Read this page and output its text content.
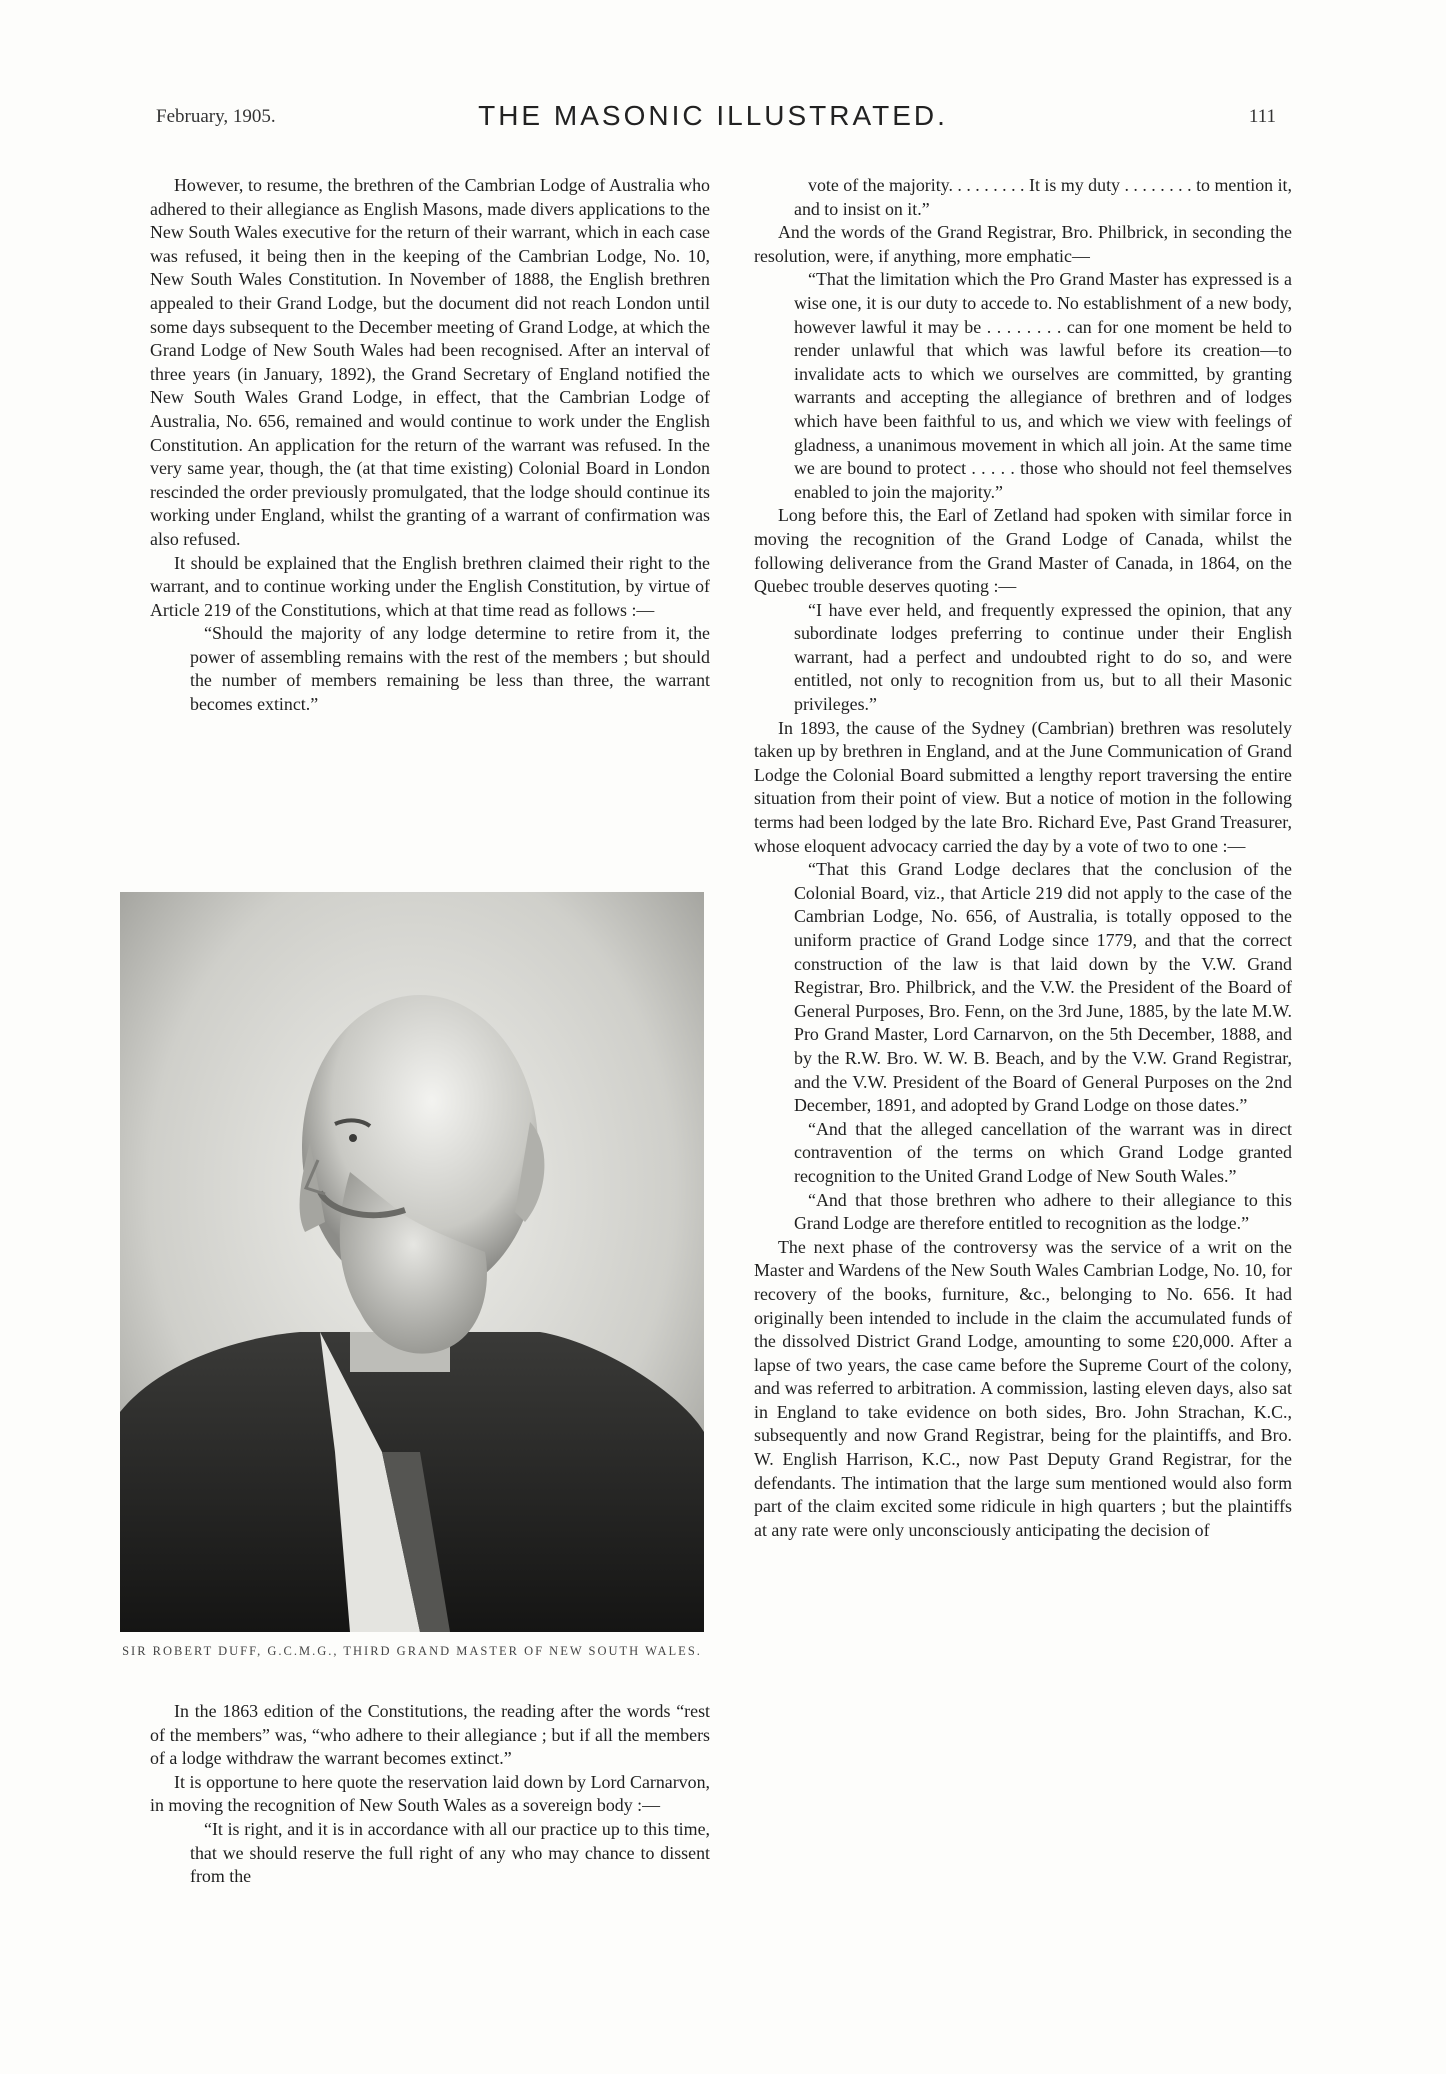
February, 1905.	THE MASONIC ILLUSTRATED.	111

However, to resume, the brethren of the Cambrian Lodge of Australia who adhered to their allegiance as English Masons, made divers applications to the New South Wales executive for the return of their warrant, which in each case was refused, it being then in the keeping of the Cambrian Lodge, No. 10, New South Wales Constitution. In November of 1888, the English brethren appealed to their Grand Lodge, but the document did not reach London until some days subsequent to the December meeting of Grand Lodge, at which the Grand Lodge of New South Wales had been recognised. After an interval of three years (in January, 1892), the Grand Secretary of England notified the New South Wales Grand Lodge, in effect, that the Cambrian Lodge of Australia, No. 656, remained and would continue to work under the English Constitution. An application for the return of the warrant was refused. In the very same year, though, the (at that time existing) Colonial Board in London rescinded the order previously promulgated, that the lodge should continue its working under England, whilst the granting of a warrant of confirmation was also refused.

It should be explained that the English brethren claimed their right to the warrant, and to continue working under the English Constitution, by virtue of Article 219 of the Constitutions, which at that time read as follows :—

“Should the majority of any lodge determine to retire from it, the power of assembling remains with the rest of the members ; but should the number of members remaining be less than three, the warrant becomes extinct.”

SIR ROBERT DUFF, G.C.M.G., THIRD GRAND MASTER OF NEW SOUTH WALES.

In the 1863 edition of the Constitutions, the reading after the words “rest of the members” was, “who adhere to their allegiance ; but if all the members of a lodge withdraw the warrant becomes extinct.”

It is opportune to here quote the reservation laid down by Lord Carnarvon, in moving the recognition of New South Wales as a sovereign body :—

“It is right, and it is in accordance with all our practice up to this time, that we should reserve the full right of any who may chance to dissent from the

vote of the majority. . . . . . . . . It is my duty . . . . . . . . to mention it, and to insist on it.”

And the words of the Grand Registrar, Bro. Philbrick, in seconding the resolution, were, if anything, more emphatic—

“That the limitation which the Pro Grand Master has expressed is a wise one, it is our duty to accede to. No establishment of a new body, however lawful it may be . . . . . . . . can for one moment be held to render unlawful that which was lawful before its creation—to invalidate acts to which we ourselves are committed, by granting warrants and accepting the allegiance of brethren and of lodges which have been faithful to us, and which we view with feelings of gladness, a unanimous movement in which all join. At the same time we are bound to protect . . . . . those who should not feel themselves enabled to join the majority.”

Long before this, the Earl of Zetland had spoken with similar force in moving the recognition of the Grand Lodge of Canada, whilst the following deliverance from the Grand Master of Canada, in 1864, on the Quebec trouble deserves quoting :—

“I have ever held, and frequently expressed the opinion, that any subordinate lodges preferring to continue under their English warrant, had a perfect and undoubted right to do so, and were entitled, not only to recognition from us, but to all their Masonic privileges.”

In 1893, the cause of the Sydney (Cambrian) brethren was resolutely taken up by brethren in England, and at the June Communication of Grand Lodge the Colonial Board submitted a lengthy report traversing the entire situation from their point of view. But a notice of motion in the following terms had been lodged by the late Bro. Richard Eve, Past Grand Treasurer, whose eloquent advocacy carried the day by a vote of two to one :—

“That this Grand Lodge declares that the conclusion of the Colonial Board, viz., that Article 219 did not apply to the case of the Cambrian Lodge, No. 656, of Australia, is totally opposed to the uniform practice of Grand Lodge since 1779, and that the correct construction of the law is that laid down by the V.W. Grand Registrar, Bro. Philbrick, and the V.W. the President of the Board of General Purposes, Bro. Fenn, on the 3rd June, 1885, by the late M.W. Pro Grand Master, Lord Carnarvon, on the 5th December, 1888, and by the R.W. Bro. W. W. B. Beach, and by the V.W. Grand Registrar, and the V.W. President of the Board of General Purposes on the 2nd December, 1891, and adopted by Grand Lodge on those dates.”

“And that the alleged cancellation of the warrant was in direct contravention of the terms on which Grand Lodge granted recognition to the United Grand Lodge of New South Wales.”

“And that those brethren who adhere to their allegiance to this Grand Lodge are therefore entitled to recognition as the lodge.”

The next phase of the controversy was the service of a writ on the Master and Wardens of the New South Wales Cambrian Lodge, No. 10, for recovery of the books, furniture, &c., belonging to No. 656. It had originally been intended to include in the claim the accumulated funds of the dissolved District Grand Lodge, amounting to some £20,000. After a lapse of two years, the case came before the Supreme Court of the colony, and was referred to arbitration. A commission, lasting eleven days, also sat in England to take evidence on both sides, Bro. John Strachan, K.C., subsequently and now Grand Registrar, being for the plaintiffs, and Bro. W. English Harrison, K.C., now Past Deputy Grand Registrar, for the defendants. The intimation that the large sum mentioned would also form part of the claim excited some ridicule in high quarters ; but the plaintiffs at any rate were only unconsciously anticipating the decision of
